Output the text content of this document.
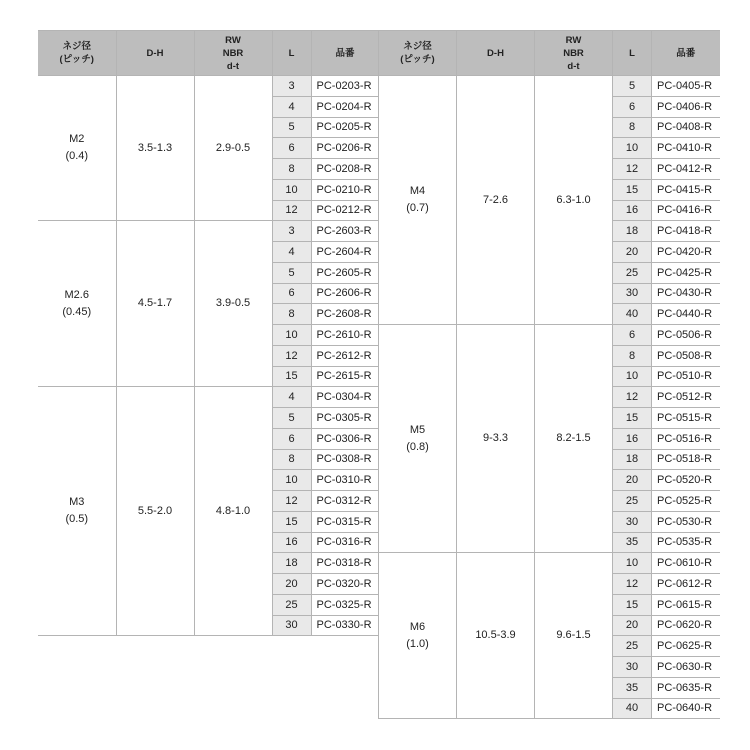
ネジ径
(ピッチ)	D-H	RW
NBR
d-t	L	品番

M2
(0.4)	3.5-1.3	2.9-0.5	3	PC-0203-R
			4	PC-0204-R
			5	PC-0205-R
			6	PC-0206-R
			8	PC-0208-R
			10	PC-0210-R
			12	PC-0212-R

M2.6
(0.45)	4.5-1.7	3.9-0.5	3	PC-2603-R
			4	PC-2604-R
			5	PC-2605-R
			6	PC-2606-R
			8	PC-2608-R
			10	PC-2610-R
			12	PC-2612-R
			15	PC-2615-R

M3
(0.5)	5.5-2.0	4.8-1.0	4	PC-0304-R
			5	PC-0305-R
			6	PC-0306-R
			8	PC-0308-R
			10	PC-0310-R
			12	PC-0312-R
			15	PC-0315-R
			16	PC-0316-R
			18	PC-0318-R
			20	PC-0320-R
			25	PC-0325-R
			30	PC-0330-R
ネジ径
(ピッチ)	D-H	RW
NBR
d-t	L	品番

M4
(0.7)	7-2.6	6.3-1.0	5	PC-0405-R
			6	PC-0406-R
			8	PC-0408-R
			10	PC-0410-R
			12	PC-0412-R
			15	PC-0415-R
			16	PC-0416-R
			18	PC-0418-R
			20	PC-0420-R
			25	PC-0425-R
			30	PC-0430-R
			40	PC-0440-R

M5
(0.8)	9-3.3	8.2-1.5	6	PC-0506-R
			8	PC-0508-R
			10	PC-0510-R
			12	PC-0512-R
			15	PC-0515-R
			16	PC-0516-R
			18	PC-0518-R
			20	PC-0520-R
			25	PC-0525-R
			30	PC-0530-R
			35	PC-0535-R

M6
(1.0)	10.5-3.9	9.6-1.5	10	PC-0610-R
			12	PC-0612-R
			15	PC-0615-R
			20	PC-0620-R
			25	PC-0625-R
			30	PC-0630-R
			35	PC-0635-R
			40	PC-0640-R
